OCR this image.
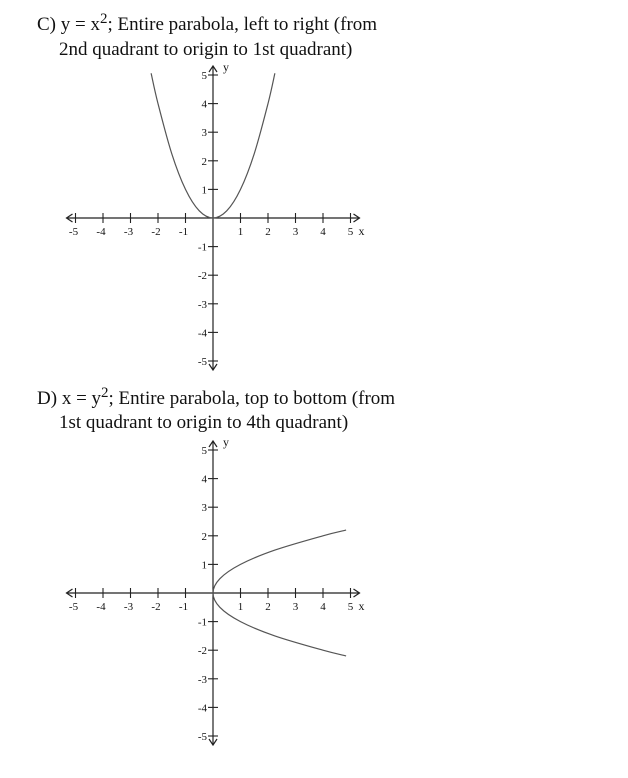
C) $y = x^2$; Entire parabola, left to right (from
2nd quadrant to origin to 1st quadrant)
-5 -4 -3 -2 -1	1 2 3 4 5 x
5
4
3
2
1
-1
-2
-3
-4
-5
y
D) $x = y^2$; Entire parabola, top to bottom (from
1st quadrant to origin to 4th quadrant)
-5 -4 -3 -2 -1	1 2 3 4 5 x
5
4
3
2
1
-1
-2
-3
-4
-5
y
